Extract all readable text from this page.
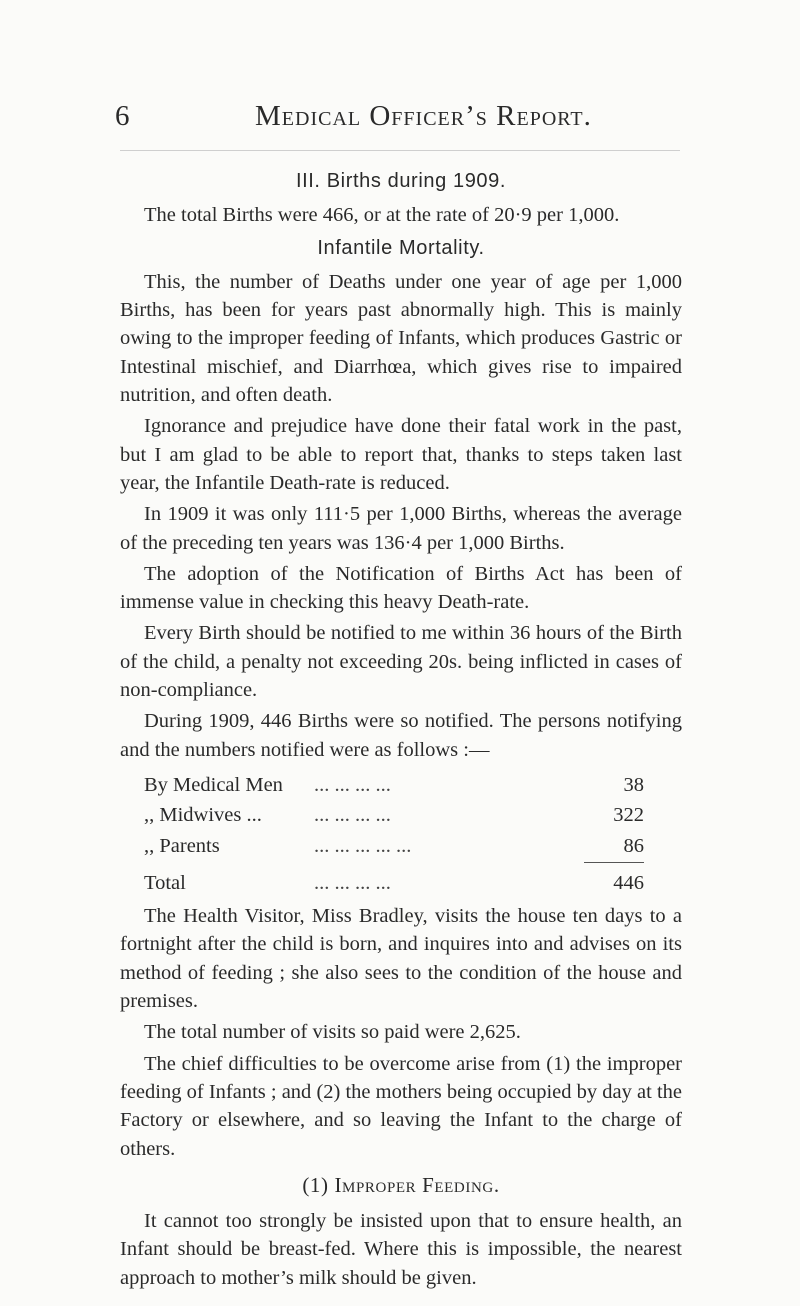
6	Medical Officer’s Report.
III. Births during 1909.

The total Births were 466, or at the rate of 20·9 per 1,000.

Infantile Mortality.

This, the number of Deaths under one year of age per 1,000 Births, has been for years past abnormally high. This is mainly owing to the improper feeding of Infants, which produces Gastric or Intestinal mischief, and Diarrhœa, which gives rise to impaired nutrition, and often death.

Ignorance and prejudice have done their fatal work in the past, but I am glad to be able to report that, thanks to steps taken last year, the Infantile Death-rate is reduced.

In 1909 it was only 111·5 per 1,000 Births, whereas the average of the preceding ten years was 136·4 per 1,000 Births.

The adoption of the Notification of Births Act has been of immense value in checking this heavy Death-rate.

Every Birth should be notified to me within 36 hours of the Birth of the child, a penalty not exceeding 20s. being inflicted in cases of non-compliance.

During 1909, 446 Births were so notified. The persons notifying and the numbers notified were as follows :—

By Medical Men	... ... ... ...	38
,, Midwives ...	... ... ... ...	322
,, Parents	... ... ... ... ...	86

Total	... ... ... ...	446

The Health Visitor, Miss Bradley, visits the house ten days to a fortnight after the child is born, and inquires into and advises on its method of feeding ; she also sees to the condition of the house and premises.

The total number of visits so paid were 2,625.

The chief difficulties to be overcome arise from (1) the improper feeding of Infants ; and (2) the mothers being occupied by day at the Factory or elsewhere, and so leaving the Infant to the charge of others.

(1) Improper Feeding.

It cannot too strongly be insisted upon that to ensure health, an Infant should be breast-fed. Where this is impossible, the nearest approach to mother’s milk should be given.
